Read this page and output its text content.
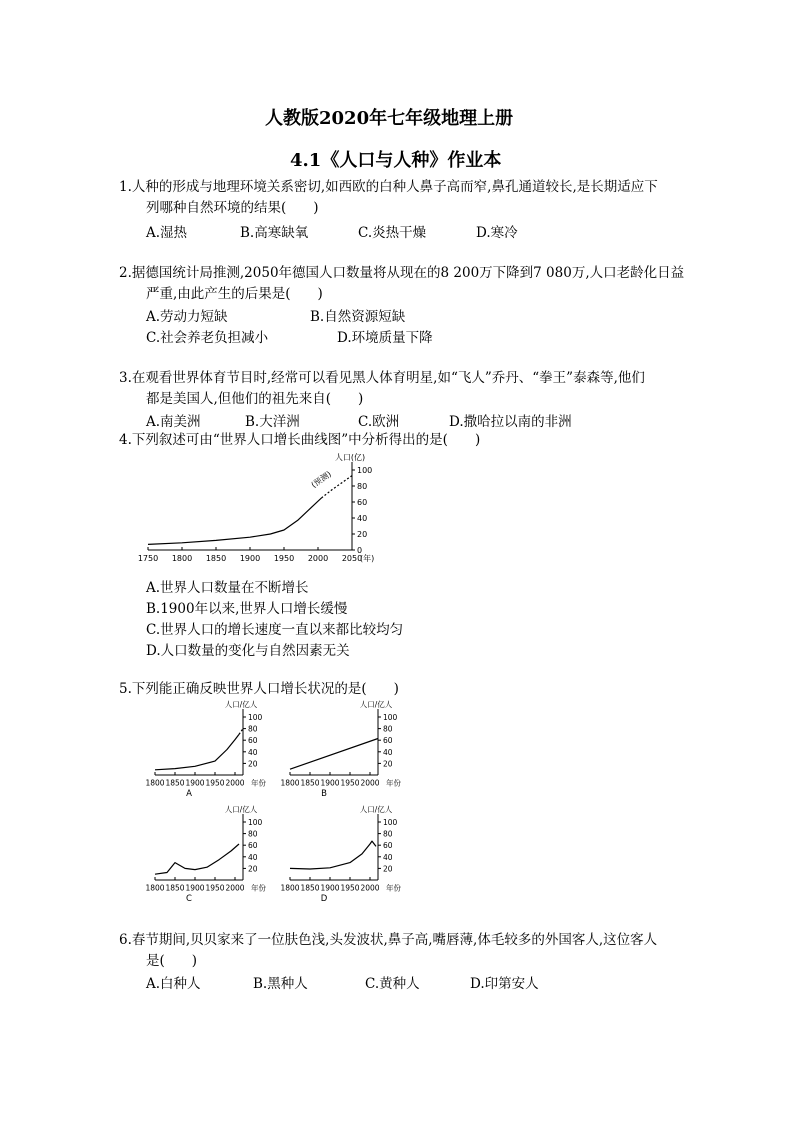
人教版2020年七年级地理上册
4.1《人口与人种》作业本
1.人种的形成与地理环境关系密切,如西欧的白种人鼻子高而窄,鼻孔通道较长,是长期适应下
列哪种自然环境的结果(　　)
A.湿热	B.高寒缺氧	C.炎热干燥	D.寒冷
2.据德国统计局推测,2050年德国人口数量将从现在的8 200万下降到7 080万,人口老龄化日益
严重,由此产生的后果是(　　)
A.劳动力短缺	B.自然资源短缺
C.社会养老负担减小	D.环境质量下降
3.在观看世界体育节目时,经常可以看见黑人体育明星,如“飞人”乔丹、“拳王”泰森等,他们
都是美国人,但他们的祖先来自(　　)
A.南美洲	B.大洋洲	C.欧洲	D.撒哈拉以南的非洲
4.下列叙述可由“世界人口增长曲线图”中分析得出的是(　　)
0
20
40
60
80
100
1750 1800 1850 1900 1950 2000 2050
人口(亿)
(年)
(预测)
A.世界人口数量在不断增长
B.1900年以来,世界人口增长缓慢
C.世界人口的增长速度一直以来都比较均匀
D.人口数量的变化与自然因素无关
5.下列能正确反映世界人口增长状况的是(　　)
20
40
60
80
100
1800 1850 1900 1950 2000
人口/亿人
年份
A
20
40
60
80
100
1800 1850 1900 1950 2000
人口/亿人
年份
B
20
40
60
80
100
1800 1850 1900 1950 2000
人口/亿人
年份
C
20
40
60
80
100
1800 1850 1900 1950 2000
人口/亿人
年份
D
6.春节期间,贝贝家来了一位肤色浅,头发波状,鼻子高,嘴唇薄,体毛较多的外国客人,这位客人
是(　　)
A.白种人	B.黑种人	C.黄种人	D.印第安人
